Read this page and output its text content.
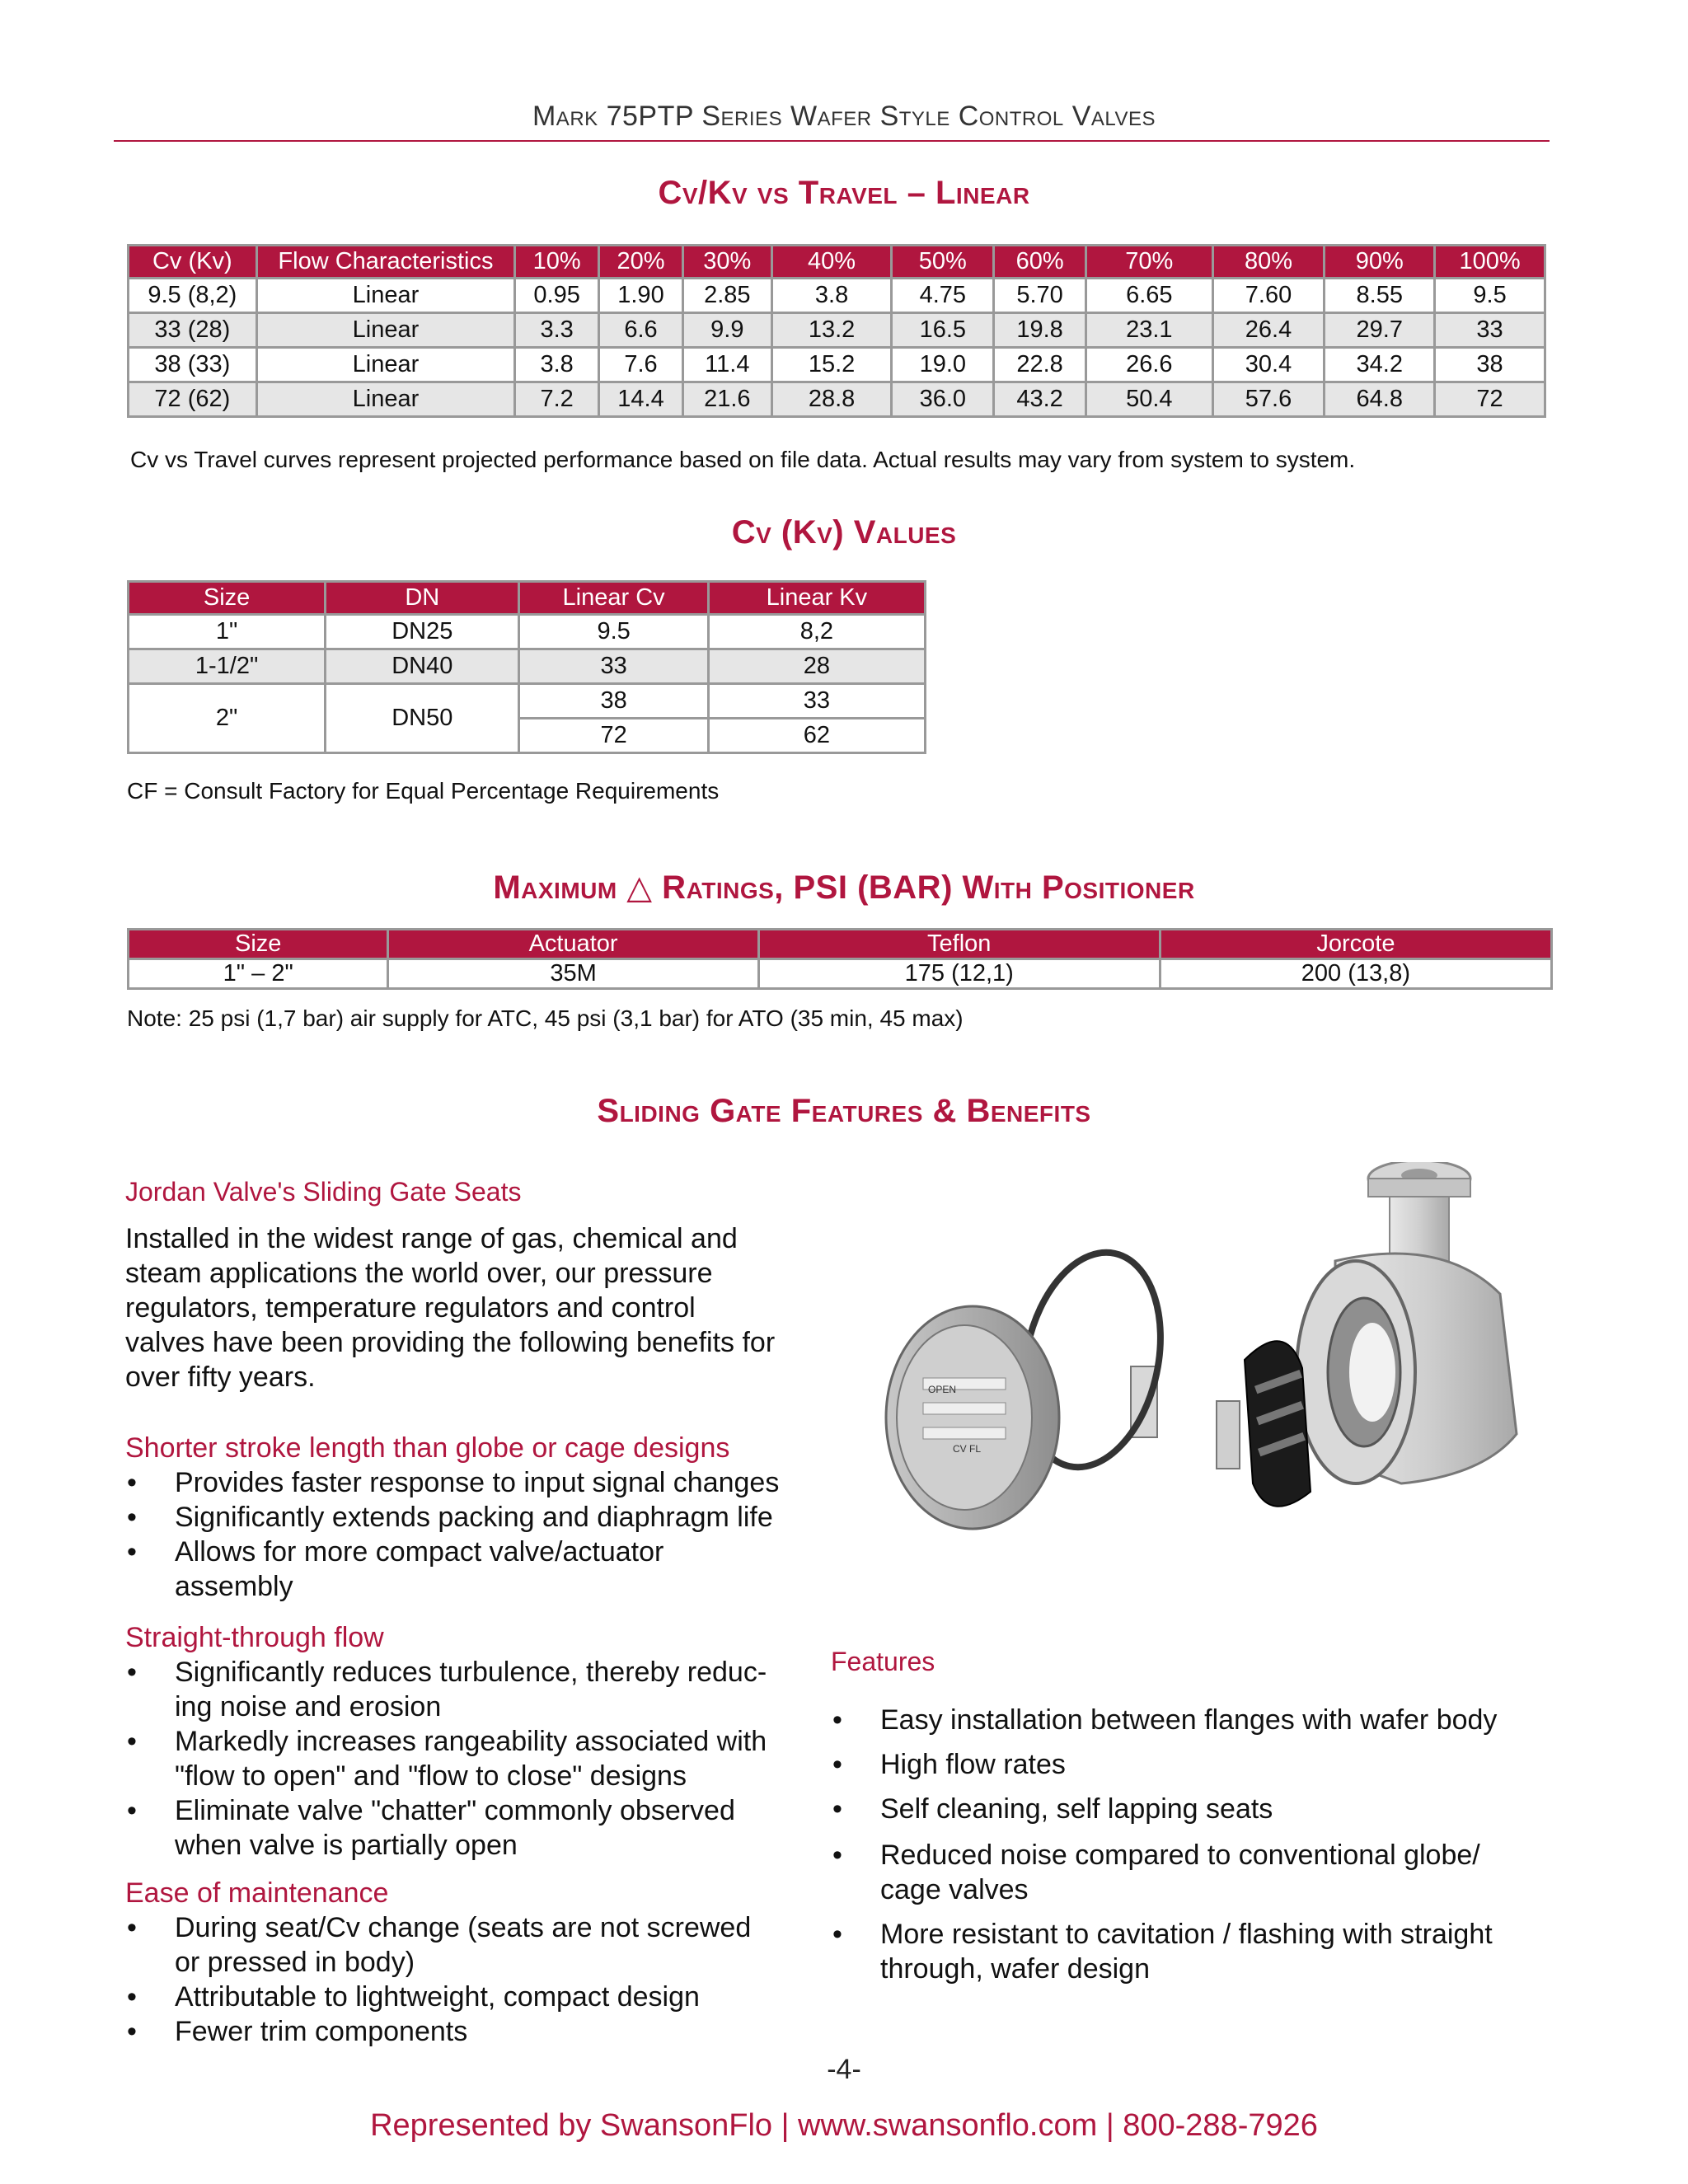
Mark 75PTP Series Wafer Style Control Valves
Cv/Kv vs Travel – Linear
Cv (Kv)	Flow Characteristics	10%	20%	30%	40%	50%	60%	70%	80%	90%	100%
9.5 (8,2)	Linear	0.95	1.90	2.85	3.8	4.75	5.70	6.65	7.60	8.55	9.5
33 (28)	Linear	3.3	6.6	9.9	13.2	16.5	19.8	23.1	26.4	29.7	33
38 (33)	Linear	3.8	7.6	11.4	15.2	19.0	22.8	26.6	30.4	34.2	38
72 (62)	Linear	7.2	14.4	21.6	28.8	36.0	43.2	50.4	57.6	64.8	72
Cv vs Travel curves represent projected performance based on file data. Actual results may vary from system to system.
Cv (Kv) Values
Size	DN	Linear Cv	Linear Kv
1"	DN25	9.5	8,2
1-1/2"	DN40	33	28
2"	DN50	38	33
		72	62
CF = Consult Factory for Equal Percentage Requirements
Maximum △ Ratings, PSI (BAR) With Positioner
Size	Actuator	Teflon	Jorcote
1" – 2"	35M	175 (12,1)	200 (13,8)
Note: 25 psi (1,7 bar) air supply for ATC, 45 psi (3,1 bar) for ATO (35 min, 45 max)
Sliding Gate Features & Benefits
Jordan Valve's Sliding Gate Seats
Installed in the widest range of gas, chemical and
steam applications the world over, our pressure
regulators, temperature regulators and control
valves have been providing the following benefits for
over fifty years.
Shorter stroke length than globe or cage designs
• Provides faster response to input signal changes
• Significantly extends packing and diaphragm life
• Allows for more compact valve/actuator
assembly
Straight-through flow
• Significantly reduces turbulence, thereby reduc-
ing noise and erosion
• Markedly increases rangeability associated with
"flow to open" and "flow to close" designs
• Eliminate valve "chatter" commonly observed
when valve is partially open
Ease of maintenance
• During seat/Cv change (seats are not screwed
or pressed in body)
• Attributable to lightweight, compact design
• Fewer trim components
OPEN
CV FL
Features
• Easy installation between flanges with wafer body
• High flow rates
• Self cleaning, self lapping seats
• Reduced noise compared to conventional globe/
cage valves
• More resistant to cavitation / flashing with straight
through, wafer design
-4-
Represented by SwansonFlo | www.swansonflo.com | 800-288-7926
